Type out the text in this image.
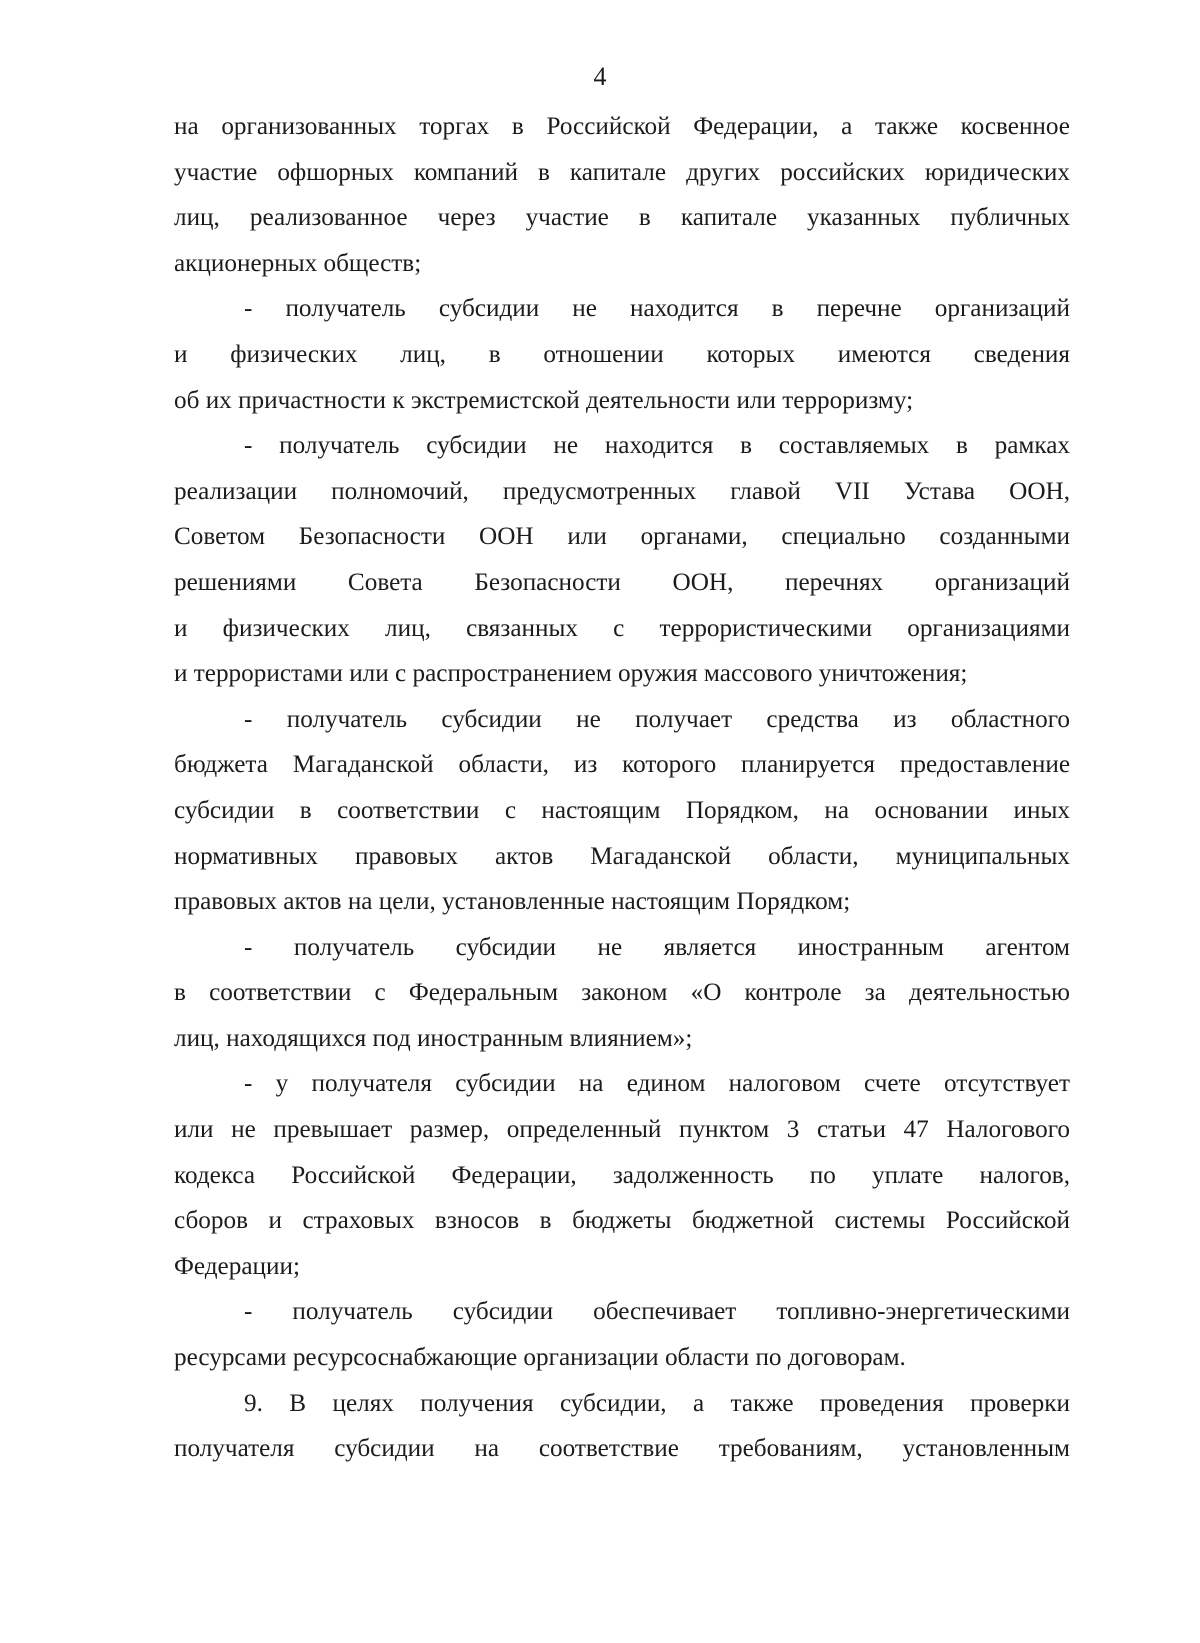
4
на организованных торгах в Российской Федерации, а также косвенное
участие офшорных компаний в капитале других российских юридических
лиц, реализованное через участие в капитале указанных публичных
акционерных обществ;
- получатель субсидии не находится в перечне организаций
и физических лиц, в отношении которых имеются сведения
об их причастности к экстремистской деятельности или терроризму;
- получатель субсидии не находится в составляемых в рамках
реализации полномочий, предусмотренных главой VII Устава ООН,
Советом Безопасности ООН или органами, специально созданными
решениями Совета Безопасности ООН, перечнях организаций
и физических лиц, связанных с террористическими организациями
и террористами или с распространением оружия массового уничтожения;
- получатель субсидии не получает средства из областного
бюджета Магаданской области, из которого планируется предоставление
субсидии в соответствии с настоящим Порядком, на основании иных
нормативных правовых актов Магаданской области, муниципальных
правовых актов на цели, установленные настоящим Порядком;
- получатель субсидии не является иностранным агентом
в соответствии с Федеральным законом «О контроле за деятельностью
лиц, находящихся под иностранным влиянием»;
- у получателя субсидии на едином налоговом счете отсутствует
или не превышает размер, определенный пунктом 3 статьи 47 Налогового
кодекса Российской Федерации, задолженность по уплате налогов,
сборов и страховых взносов в бюджеты бюджетной системы Российской
Федерации;
- получатель субсидии обеспечивает топливно-энергетическими
ресурсами ресурсоснабжающие организации области по договорам.
9. В целях получения субсидии, а также проведения проверки
получателя субсидии на соответствие требованиям, установленным
